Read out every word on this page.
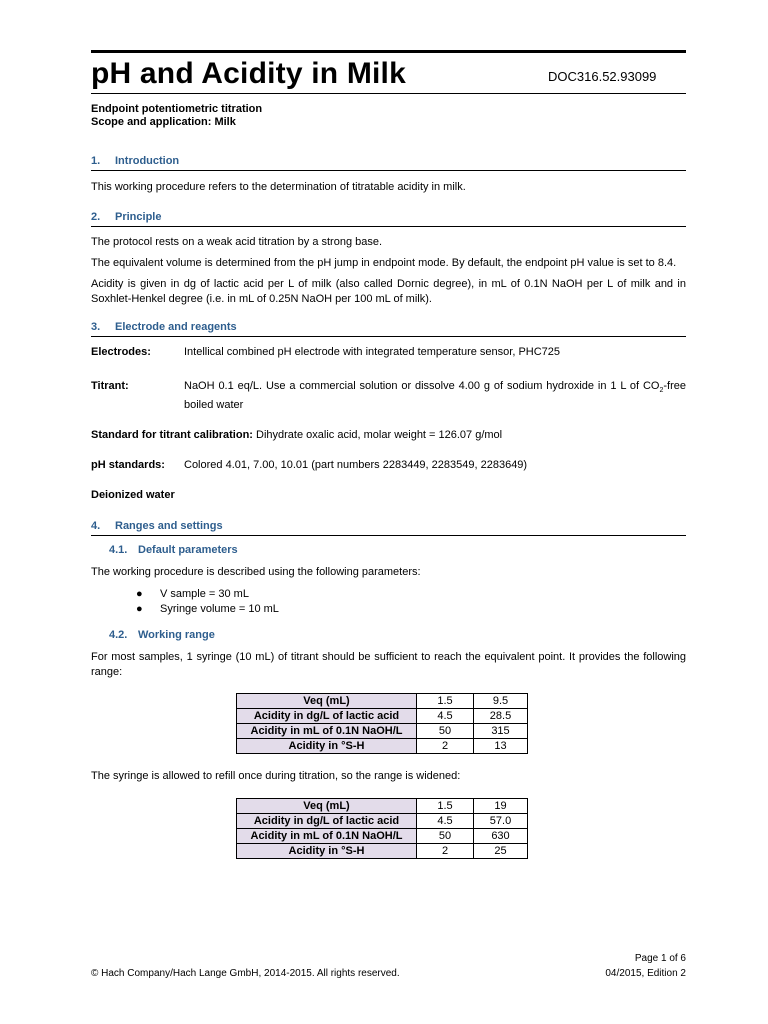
pH and Acidity in Milk	DOC316.52.93099
Endpoint potentiometric titration
Scope and application: Milk
1. Introduction
This working procedure refers to the determination of titratable acidity in milk.
2. Principle
The protocol rests on a weak acid titration by a strong base.
The equivalent volume is determined from the pH jump in endpoint mode. By default, the endpoint pH value is set to 8.4.
Acidity is given in dg of lactic acid per L of milk (also called Dornic degree), in mL of 0.1N NaOH per L of milk and in Soxhlet-Henkel degree (i.e. in mL of 0.25N NaOH per 100 mL of milk).
3. Electrode and reagents
Electrodes:	Intellical combined pH electrode with integrated temperature sensor, PHC725
Titrant:	NaOH 0.1 eq/L. Use a commercial solution or dissolve 4.00 g of sodium hydroxide in 1 L of $CO_2$-free boiled water
Standard for titrant calibration: Dihydrate oxalic acid, molar weight = 126.07 g/mol
pH standards:	Colored 4.01, 7.00, 10.01 (part numbers 2283449, 2283549, 2283649)
Deionized water
4. Ranges and settings
4.1. Default parameters
The working procedure is described using the following parameters:
●	V sample = 30 mL
●	Syringe volume = 10 mL
4.2. Working range
For most samples, 1 syringe (10 mL) of titrant should be sufficient to reach the equivalent point. It provides the following range:
Veq (mL)	1.5	9.5
Acidity in dg/L of lactic acid	4.5	28.5
Acidity in mL of 0.1N NaOH/L	50	315
Acidity in °S-H	2	13
The syringe is allowed to refill once during titration, so the range is widened:
Veq (mL)	1.5	19
Acidity in dg/L of lactic acid	4.5	57.0
Acidity in mL of 0.1N NaOH/L	50	630
Acidity in °S-H	2	25
Page 1 of 6
© Hach Company/Hach Lange GmbH, 2014-2015. All rights reserved.	04/2015, Edition 2
